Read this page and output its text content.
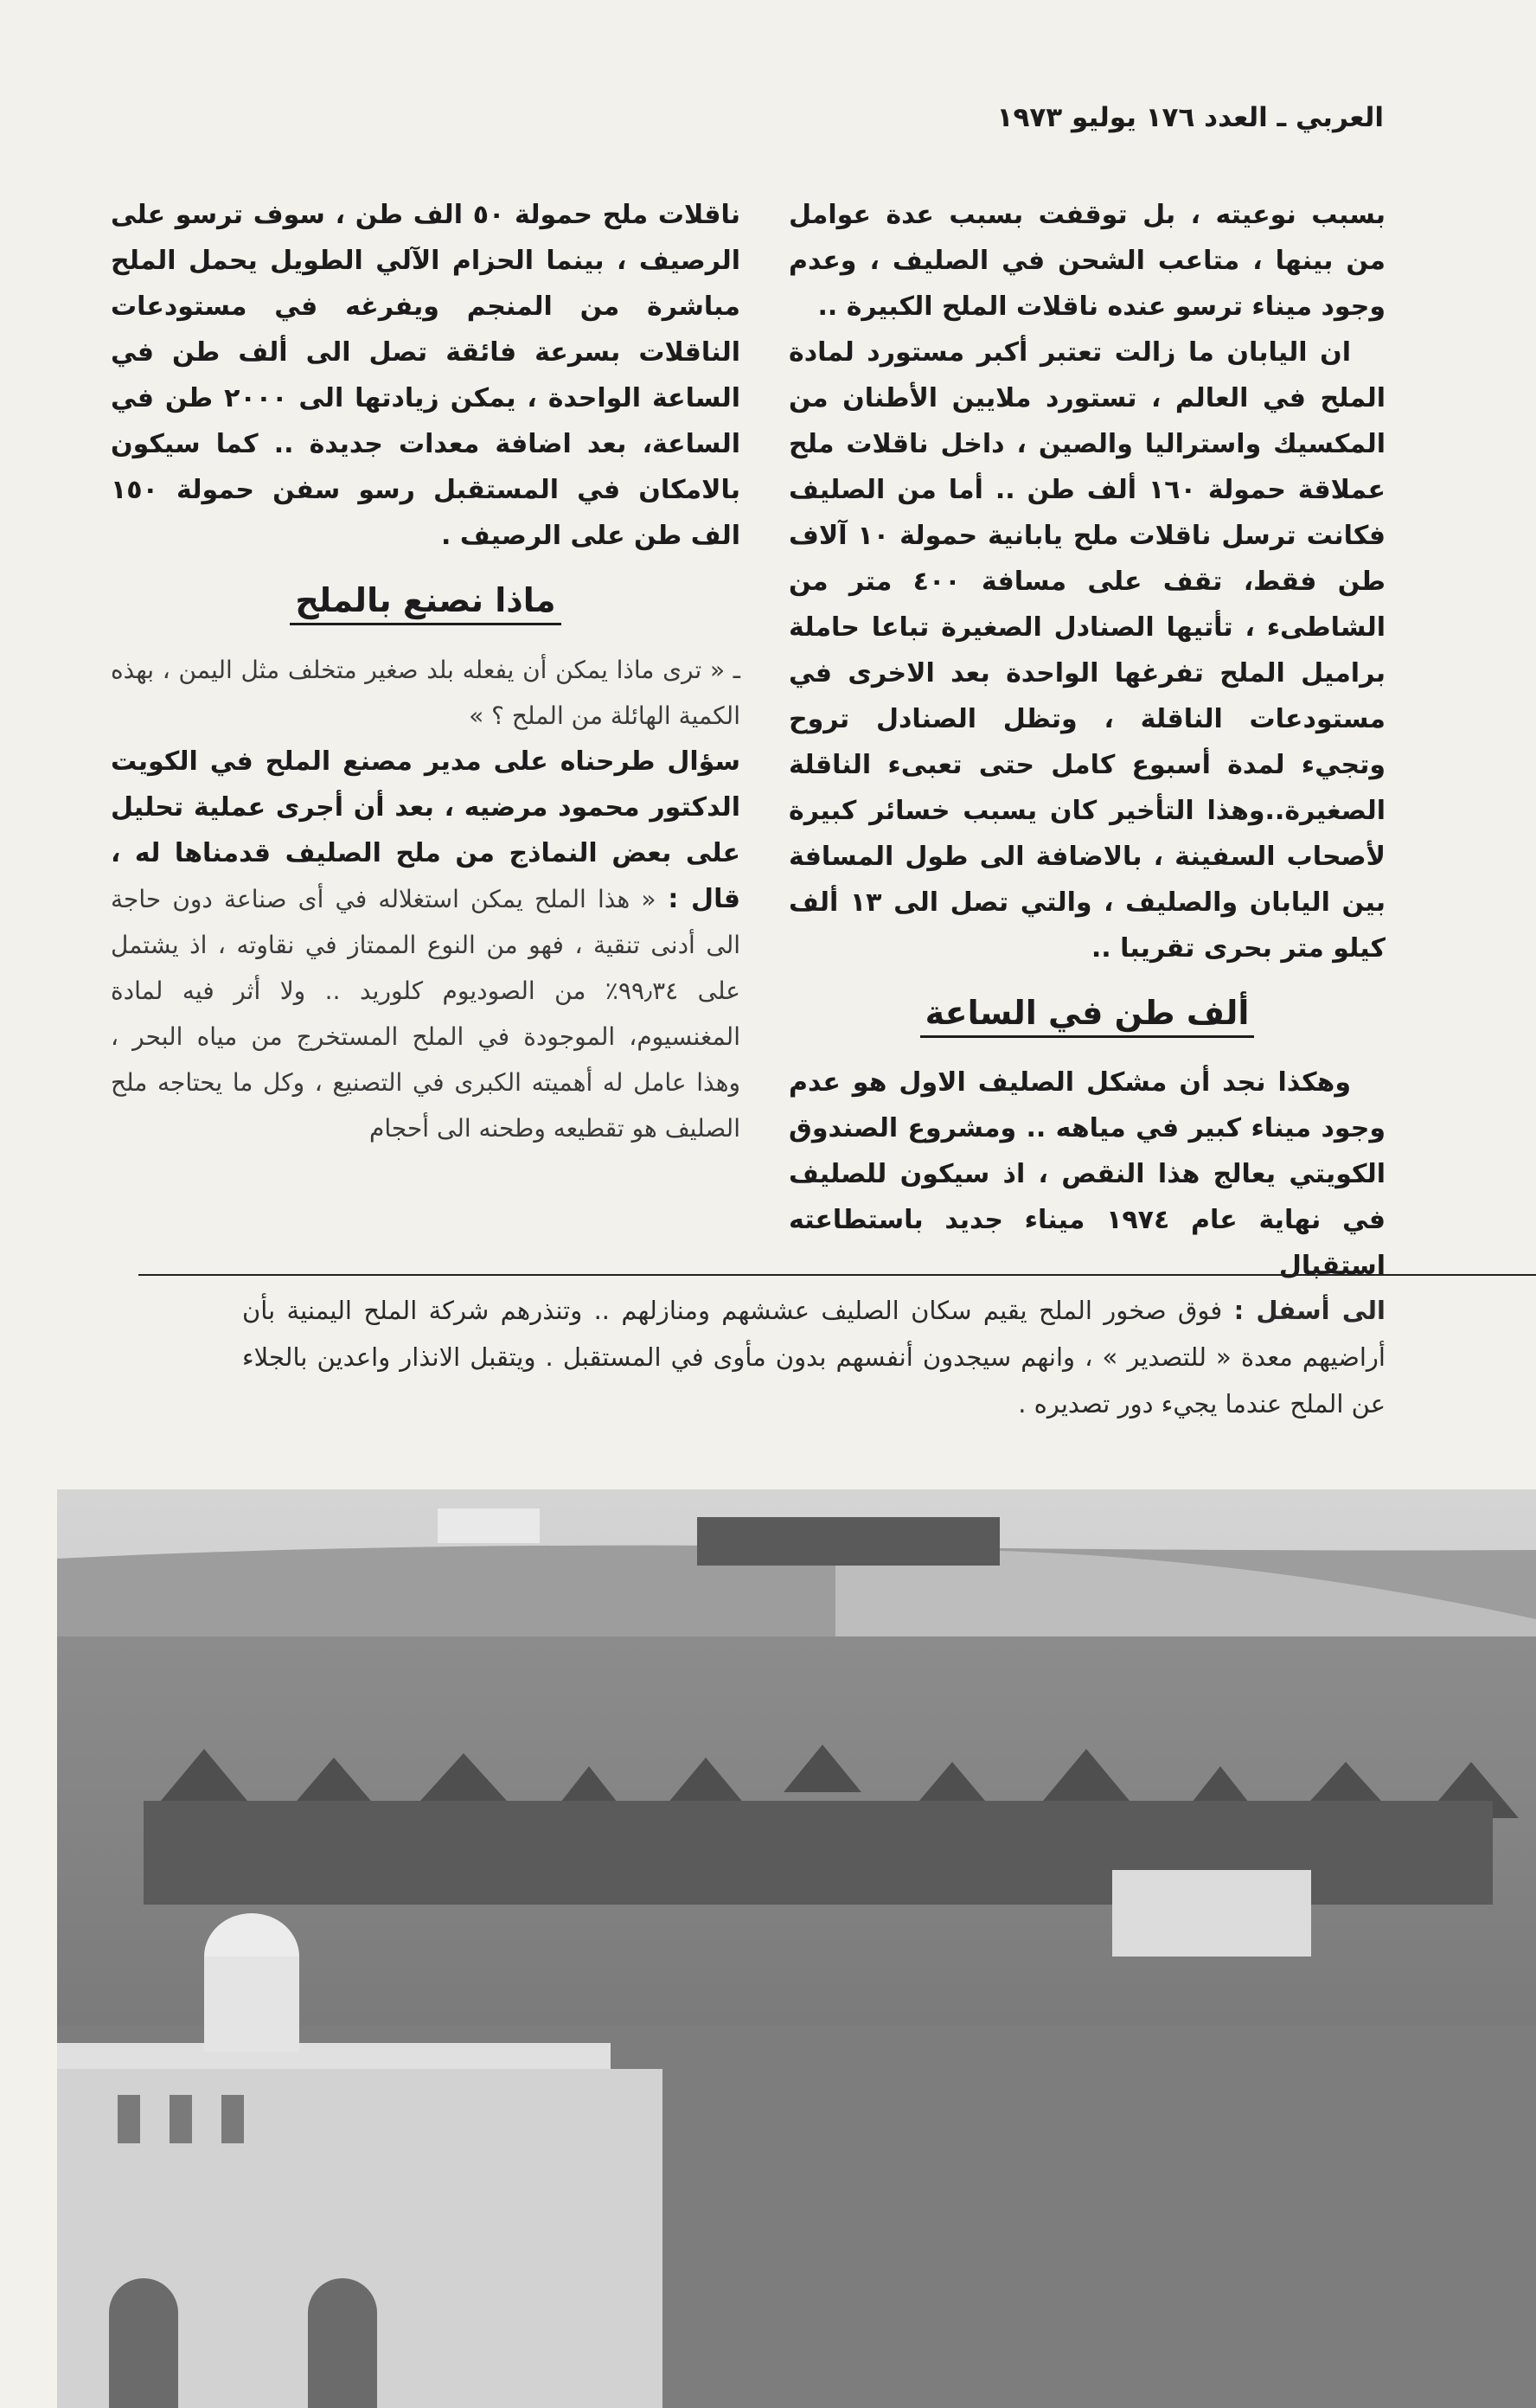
العربي ـ العدد ١٧٦ يوليو ١٩٧٣

بسبب نوعيته ، بل توقفت بسبب عدة عوامل من بينها ، متاعب الشحن في الصليف ، وعدم وجود ميناء ترسو عنده ناقلات الملح الكبيرة ..

ان اليابان ما زالت تعتبر أكبر مستورد لمادة الملح في العالم ، تستورد ملايين الأطنان من المكسيك واستراليا والصين ، داخل ناقلات ملح عملاقة حمولة ١٦٠ ألف طن .. أما من الصليف فكانت ترسل ناقلات ملح يابانية حمولة ١٠ آلاف طن فقط، تقف على مسافة ٤٠٠ متر من الشاطىء ، تأتيها الصنادل الصغيرة تباعا حاملة براميل الملح تفرغها الواحدة بعد الاخرى في مستودعات الناقلة ، وتظل الصنادل تروح وتجيء لمدة أسبوع كامل حتى تعبىء الناقلة الصغيرة..وهذا التأخير كان يسبب خسائر كبيرة لأصحاب السفينة ، بالاضافة الى طول المسافة بين اليابان والصليف ، والتي تصل الى ١٣ ألف كيلو متر بحرى تقريبا ..

ألف طن في الساعة

وهكذا نجد أن مشكل الصليف الاول هو عدم وجود ميناء كبير في مياهه .. ومشروع الصندوق الكويتي يعالج هذا النقص ، اذ سيكون للصليف في نهاية عام ١٩٧٤ ميناء جديد باستطاعته استقبال

ناقلات ملح حمولة ٥٠ الف طن ، سوف ترسو على الرصيف ، بينما الحزام الآلي الطويل يحمل الملح مباشرة من المنجم ويفرغه في مستودعات الناقلات بسرعة فائقة تصل الى ألف طن في الساعة الواحدة ، يمكن زيادتها الى ٢٠٠٠ طن في الساعة، بعد اضافة معدات جديدة .. كما سيكون بالامكان في المستقبل رسو سفن حمولة ١٥٠ الف طن على الرصيف .

ماذا نصنع بالملح

ـ « ترى ماذا يمكن أن يفعله بلد صغير متخلف مثل اليمن ، بهذه الكمية الهائلة من الملح ؟ »

سؤال طرحناه على مدير مصنع الملح في الكويت الدكتور محمود مرضيه ، بعد أن أجرى عملية تحليل على بعض النماذج من ملح الصليف قدمناها له ، قال : « هذا الملح يمكن استغلاله في أى صناعة دون حاجة الى أدنى تنقية ، فهو من النوع الممتاز في نقاوته ، اذ يشتمل على ٩٩٫٣٤٪ من الصوديوم كلوريد .. ولا أثر فيه لمادة المغنسيوم، الموجودة في الملح المستخرج من مياه البحر ، وهذا عامل له أهميته الكبرى في التصنيع ، وكل ما يحتاجه ملح الصليف هو تقطيعه وطحنه الى أحجام

الى أسفل : فوق صخور الملح يقيم سكان الصليف عششهم ومنازلهم .. وتنذرهم شركة الملح اليمنية بأن أراضيهم معدة « للتصدير » ، وانهم سيجدون أنفسهم بدون مأوى في المستقبل . ويتقبل الانذار واعدين بالجلاء عن الملح عندما يجيء دور تصديره .
